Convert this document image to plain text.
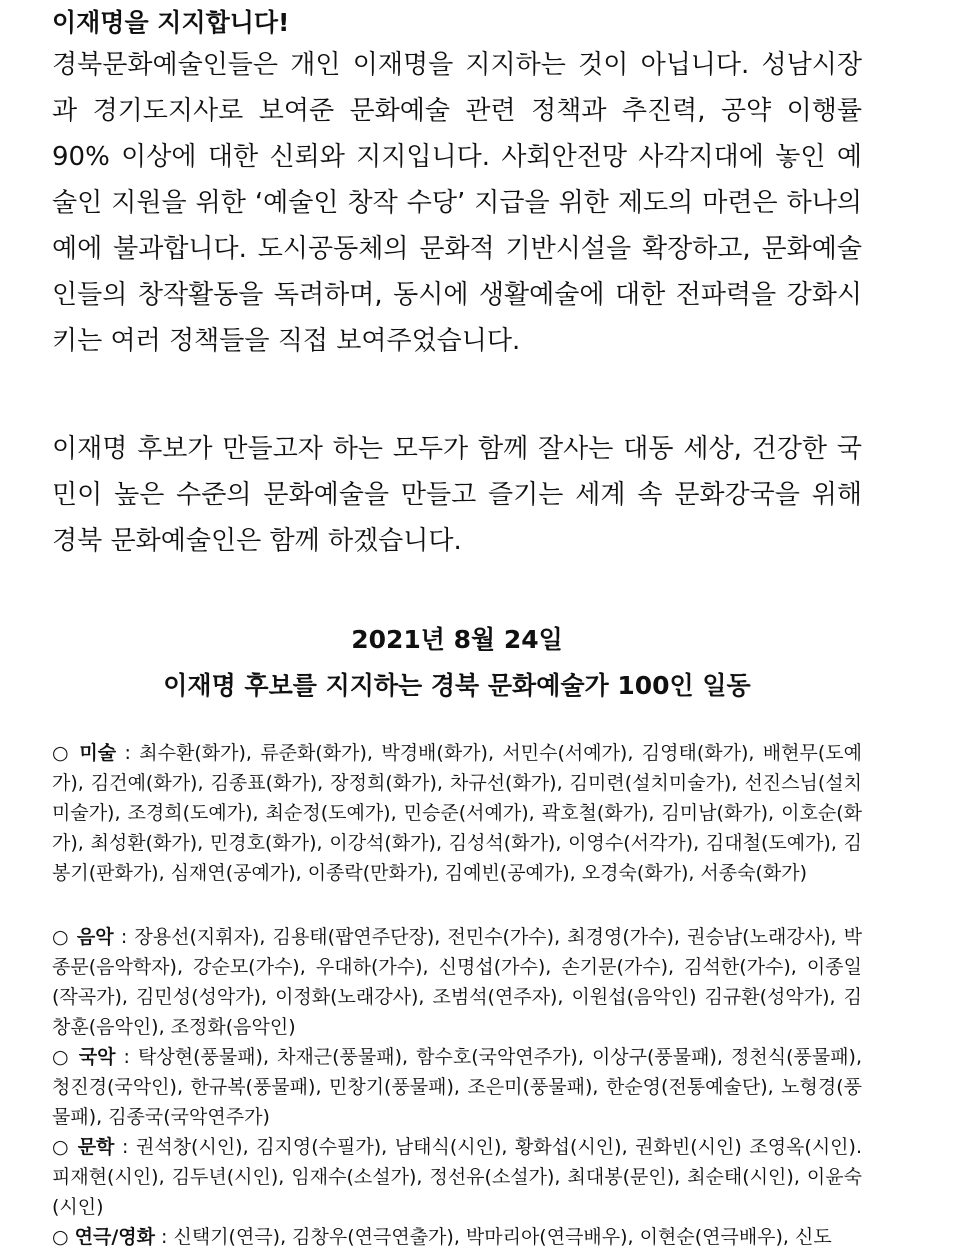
이재명을 지지합니다!
경북문화예술인들은 개인 이재명을 지지하는 것이 아닙니다. 성남시장과 경기도지사로 보여준 문화예술 관련 정책과 추진력, 공약 이행률 90% 이상에 대한 신뢰와 지지입니다. 사회안전망 사각지대에 놓인 예술인 지원을 위한 ‘예술인 창작 수당’ 지급을 위한 제도의 마련은 하나의 예에 불과합니다. 도시공동체의 문화적 기반시설을 확장하고, 문화예술인들의 창작활동을 독려하며, 동시에 생활예술에 대한 전파력을 강화시키는 여러 정책들을 직접 보여주었습니다.
이재명 후보가 만들고자 하는 모두가 함께 잘사는 대동 세상, 건강한 국민이 높은 수준의 문화예술을 만들고 즐기는 세계 속 문화강국을 위해 경북 문화예술인은 함께 하겠습니다.
2021년 8월 24일
이재명 후보를 지지하는 경북 문화예술가 100인 일동
○ 미술 : 최수환(화가), 류준화(화가), 박경배(화가), 서민수(서예가), 김영태(화가), 배현무(도예가), 김건예(화가), 김종표(화가), 장정희(화가), 차규선(화가), 김미련(설치미술가), 선진스님(설치미술가), 조경희(도예가), 최순정(도예가), 민승준(서예가), 곽호철(화가), 김미남(화가), 이호순(화가), 최성환(화가), 민경호(화가), 이강석(화가), 김성석(화가), 이영수(서각가), 김대철(도예가), 김봉기(판화가), 심재연(공예가), 이종락(만화가), 김예빈(공예가), 오경숙(화가), 서종숙(화가)
○ 음악 : 장용선(지휘자), 김용태(팝연주단장), 전민수(가수), 최경영(가수), 권승남(노래강사), 박종문(음악학자), 강순모(가수), 우대하(가수), 신명섭(가수), 손기문(가수), 김석한(가수), 이종일(작곡가), 김민성(성악가), 이정화(노래강사), 조범석(연주자), 이원섭(음악인) 김규환(성악가), 김창훈(음악인), 조정화(음악인)
○ 국악 : 탁상현(풍물패), 차재근(풍물패), 함수호(국악연주가), 이상구(풍물패), 정천식(풍물패), 청진경(국악인), 한규복(풍물패), 민창기(풍물패), 조은미(풍물패), 한순영(전통예술단), 노형경(풍물패), 김종국(국악연주가)
○ 문학 : 권석창(시인), 김지영(수필가), 남태식(시인), 황화섭(시인), 권화빈(시인) 조영옥(시인). 피재현(시인), 김두년(시인), 임재수(소설가), 정선유(소설가), 최대봉(문인), 최순태(시인), 이윤숙(시인)
○ 연극/영화 : 신택기(연극), 김창우(연극연출가), 박마리아(연극배우), 이현순(연극배우), 신도
